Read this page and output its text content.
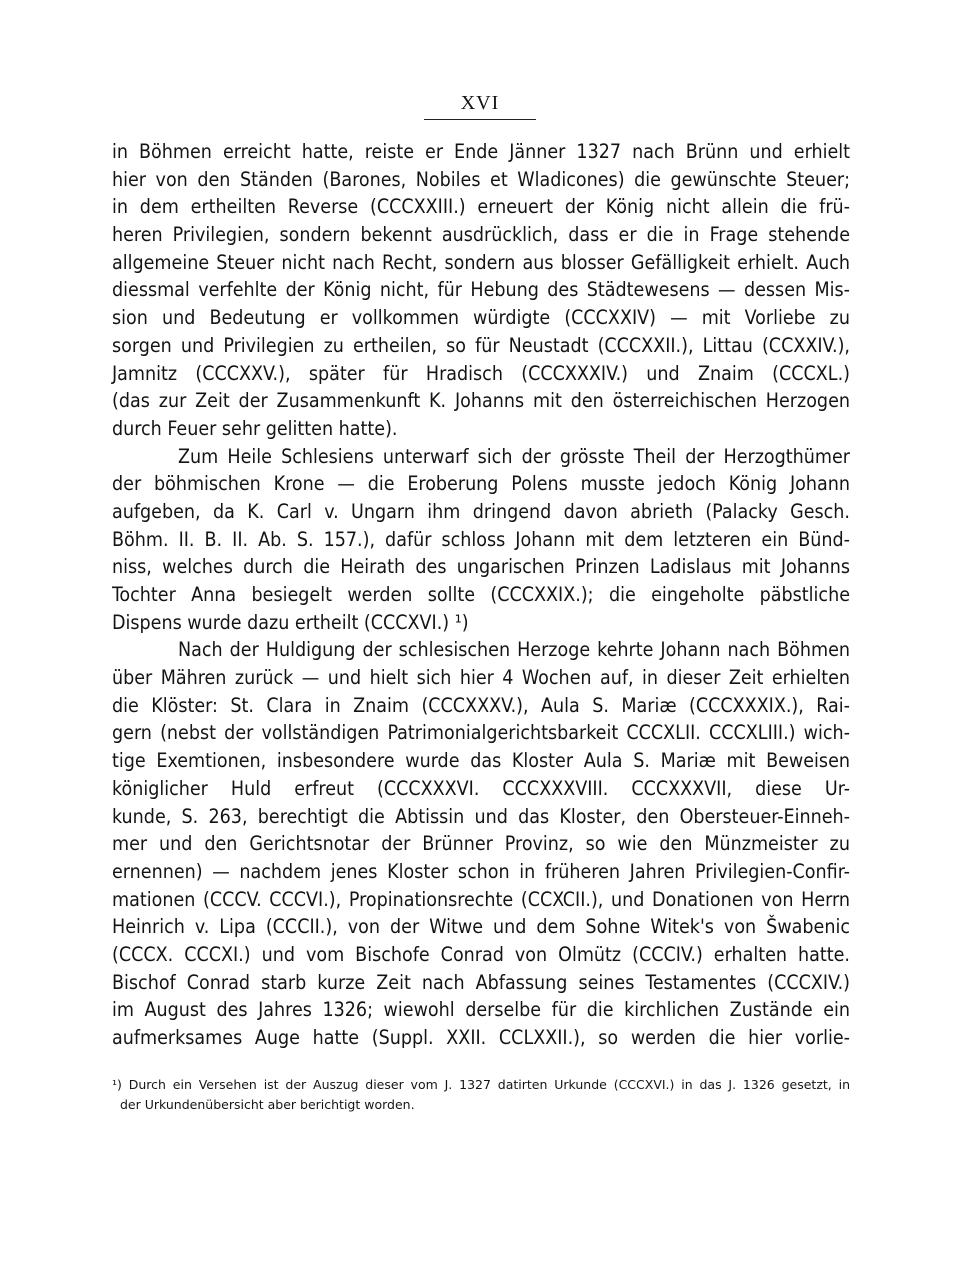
XVI
in Böhmen erreicht hatte, reiste er Ende Jänner 1327 nach Brünn und erhielt
hier von den Ständen (Barones, Nobiles et Wladicones) die gewünschte Steuer;
in dem ertheilten Reverse (CCCXXIII.) erneuert der König nicht allein die frü-
heren Privilegien, sondern bekennt ausdrücklich, dass er die in Frage stehende
allgemeine Steuer nicht nach Recht, sondern aus blosser Gefälligkeit erhielt. Auch
diessmal verfehlte der König nicht, für Hebung des Städtewesens — dessen Mis-
sion und Bedeutung er vollkommen würdigte (CCCXXIV) — mit Vorliebe zu
sorgen und Privilegien zu ertheilen, so für Neustadt (CCCXXII.), Littau (CCXXIV.),
Jamnitz (CCCXXV.), später für Hradisch (CCCXXXIV.) und Znaim (CCCXL.)
(das zur Zeit der Zusammenkunft K. Johanns mit den österreichischen Herzogen
durch Feuer sehr gelitten hatte).
Zum Heile Schlesiens unterwarf sich der grösste Theil der Herzogthümer
der böhmischen Krone — die Eroberung Polens musste jedoch König Johann
aufgeben, da K. Carl v. Ungarn ihm dringend davon abrieth (Palacky Gesch.
Böhm. II. B. II. Ab. S. 157.), dafür schloss Johann mit dem letzteren ein Bünd-
niss, welches durch die Heirath des ungarischen Prinzen Ladislaus mit Johanns
Tochter Anna besiegelt werden sollte (CCCXXIX.); die eingeholte päbstliche
Dispens wurde dazu ertheilt (CCCXVI.) ¹)
Nach der Huldigung der schlesischen Herzoge kehrte Johann nach Böhmen
über Mähren zurück — und hielt sich hier 4 Wochen auf, in dieser Zeit erhielten
die Klöster: St. Clara in Znaim (CCCXXXV.), Aula S. Mariæ (CCCXXXIX.), Rai-
gern (nebst der vollständigen Patrimonialgerichtsbarkeit CCCXLII. CCCXLIII.) wich-
tige Exemtionen, insbesondere wurde das Kloster Aula S. Mariæ mit Beweisen
königlicher Huld erfreut (CCCXXXVI. CCCXXXVIII. CCCXXXVII, diese Ur-
kunde, S. 263, berechtigt die Abtissin und das Kloster, den Obersteuer-Einneh-
mer und den Gerichtsnotar der Brünner Provinz, so wie den Münzmeister zu
ernennen) — nachdem jenes Kloster schon in früheren Jahren Privilegien-Confir-
mationen (CCCV. CCCVI.), Propinationsrechte (CCXCII.), und Donationen von Herrn
Heinrich v. Lipa (CCCII.), von der Witwe und dem Sohne Witek's von Šwabenic
(CCCX. CCCXI.) und vom Bischofe Conrad von Olmütz (CCCIV.) erhalten hatte.
Bischof Conrad starb kurze Zeit nach Abfassung seines Testamentes (CCCXIV.)
im August des Jahres 1326; wiewohl derselbe für die kirchlichen Zustände ein
aufmerksames Auge hatte (Suppl. XXII. CCLXXII.), so werden die hier vorlie-
¹) Durch ein Versehen ist der Auszug dieser vom J. 1327 datirten Urkunde (CCCXVI.) in das J. 1326 gesetzt, in
der Urkundenübersicht aber berichtigt worden.
